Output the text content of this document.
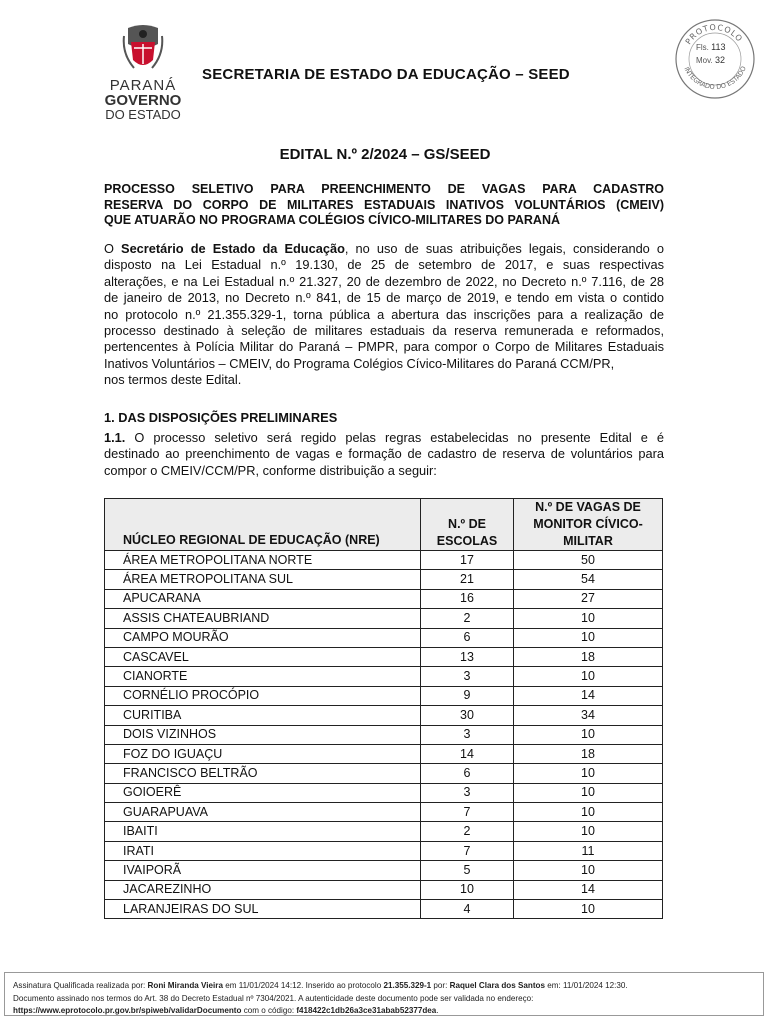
PARANÁ
GOVERNO
DO ESTADO
SECRETARIA DE ESTADO DA EDUCAÇÃO – SEED
PROTOCOLO
INTEGRADO DO ESTADO
Fls. 113
Mov. 32
EDITAL N.º 2/2024 – GS/SEED
PROCESSO SELETIVO PARA PREENCHIMENTO DE VAGAS PARA CADASTRO
RESERVA DO CORPO DE MILITARES ESTADUAIS INATIVOS VOLUNTÁRIOS (CMEIV)
QUE ATUARÃO NO PROGRAMA COLÉGIOS CÍVICO-MILITARES DO PARANÁ
O Secretário de Estado da Educação, no uso de suas atribuições legais, considerando o
disposto na Lei Estadual n.º 19.130, de 25 de setembro de 2017, e suas respectivas
alterações, e na Lei Estadual n.º 21.327, 20 de dezembro de 2022, no Decreto n.º 7.116, de 28
de janeiro de 2013, no Decreto n.º 841, de 15 de março de 2019, e tendo em vista o contido
no protocolo n.º 21.355.329-1, torna pública a abertura das inscrições para a realização de
processo destinado à seleção de militares estaduais da reserva remunerada e reformados,
pertencentes à Polícia Militar do Paraná – PMPR, para compor o Corpo de Militares Estaduais
Inativos Voluntários – CMEIV, do Programa Colégios Cívico-Militares do Paraná CCM/PR,
nos termos deste Edital.
1. DAS DISPOSIÇÕES PRELIMINARES
1.1. O processo seletivo será regido pelas regras estabelecidas no presente Edital e é
destinado ao preenchimento de vagas e formação de cadastro de reserva de voluntários para
compor o CMEIV/CCM/PR, conforme distribuição a seguir:
NÚCLEO REGIONAL DE EDUCAÇÃO (NRE)	N.º DE ESCOLAS	N.º DE VAGAS DE MONITOR CÍVICO-MILITAR
ÁREA METROPOLITANA NORTE	17	50
ÁREA METROPOLITANA SUL	21	54
APUCARANA	16	27
ASSIS CHATEAUBRIAND	2	10
CAMPO MOURÃO	6	10
CASCAVEL	13	18
CIANORTE	3	10
CORNÉLIO PROCÓPIO	9	14
CURITIBA	30	34
DOIS VIZINHOS	3	10
FOZ DO IGUAÇU	14	18
FRANCISCO BELTRÃO	6	10
GOIOERÊ	3	10
GUARAPUAVA	7	10
IBAITI	2	10
IRATI	7	11
IVAIPORÃ	5	10
JACAREZINHO	10	14
LARANJEIRAS DO SUL	4	10
Assinatura Qualificada realizada por: Roni Miranda Vieira em 11/01/2024 14:12. Inserido ao protocolo 21.355.329-1 por: Raquel Clara dos Santos em: 11/01/2024 12:30.
Documento assinado nos termos do Art. 38 do Decreto Estadual nº 7304/2021. A autenticidade deste documento pode ser validada no endereço:
https://www.eprotocolo.pr.gov.br/spiweb/validarDocumento com o código: f418422c1db26a3ce31abab52377dea.
